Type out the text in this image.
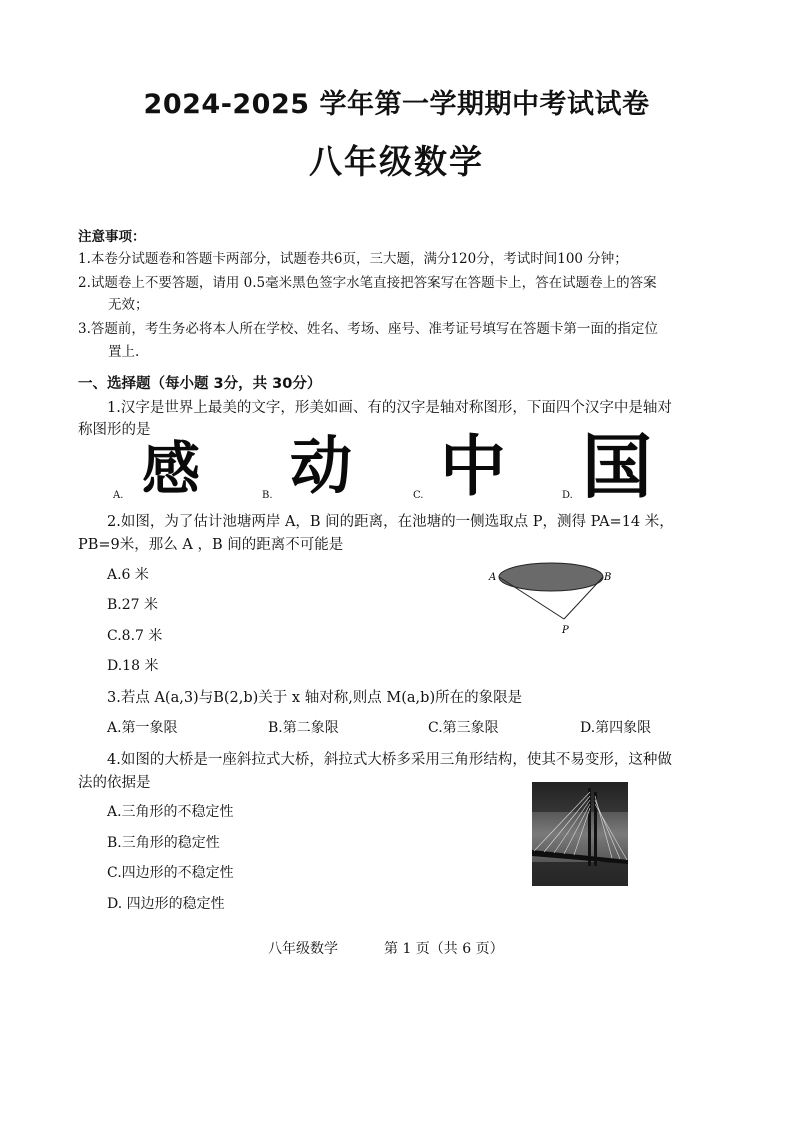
2024-2025 学年第一学期期中考试试卷
八年级数学
注意事项：
1.本卷分试题卷和答题卡两部分，试题卷共6页，三大题，满分120分，考试时间100 分钟；
2.试题卷上不要答题，请用 0.5毫米黑色签字水笔直接把答案写在答题卡上，答在试题卷上的答案
无效；
3.答题前，考生务必将本人所在学校、姓名、考场、座号、准考证号填写在答题卡第一面的指定位
置上.
一、选择题（每小题 3分，共 30分）
1.汉字是世界上最美的文字，形美如画、有的汉字是轴对称图形，下面四个汉字中是轴对
称图形的是
A. 感	B. 动	C. 中	D. 国
2.如图，为了估计池塘两岸 A，B 间的距离，在池塘的一侧选取点 P，测得 PA=14 米，
PB=9米，那么 A ，B 间的距离不可能是
A.6 米
B.27 米
C.8.7 米
D.18 米
A	B
P
3.若点 A(a,3)与B(2,b)关于 x 轴对称,则点 M(a,b)所在的象限是
A.第一象限	B.第二象限	C.第三象限	D.第四象限
4.如图的大桥是一座斜拉式大桥，斜拉式大桥多采用三角形结构，使其不易变形，这种做
法的依据是
A.三角形的不稳定性
B.三角形的稳定性
C.四边形的不稳定性
D. 四边形的稳定性
八年级数学	第 1 页（共 6 页）
